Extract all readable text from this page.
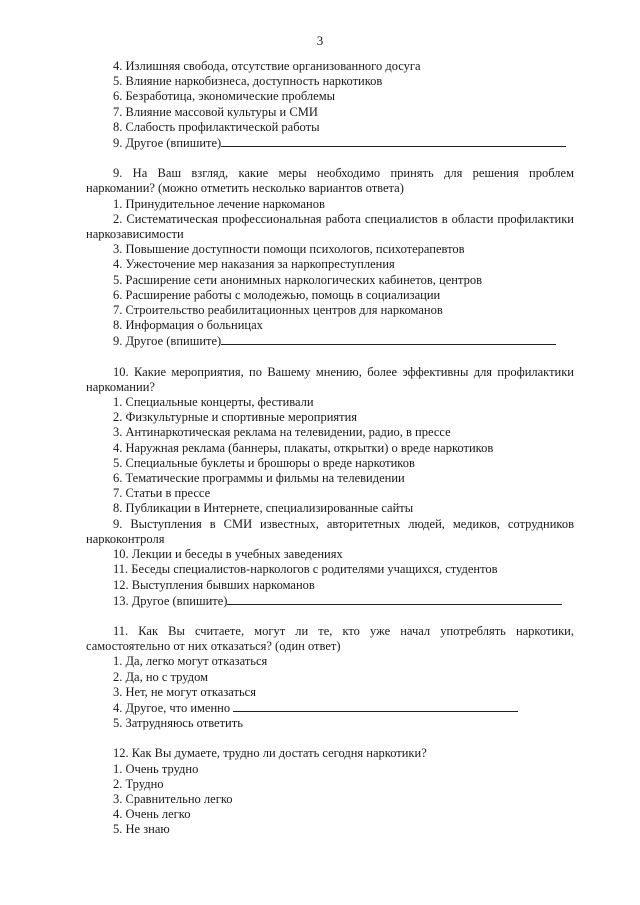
3
4. Излишняя свобода, отсутствие организованного досуга
5. Влияние наркобизнеса, доступность наркотиков
6. Безработица, экономические проблемы
7. Влияние массовой культуры и СМИ
8. Слабость профилактической работы
9. Другое (впишите)
9. На Ваш взгляд, какие меры необходимо принять для решения проблем наркомании? (можно отметить несколько вариантов ответа)
1. Принудительное лечение наркоманов
2. Систематическая профессиональная работа специалистов в области профилактики наркозависимости
3. Повышение доступности помощи психологов, психотерапевтов
4. Ужесточение мер наказания за наркопреступления
5. Расширение сети анонимных наркологических кабинетов, центров
6. Расширение работы с молодежью, помощь в социализации
7. Строительство реабилитационных центров для наркоманов
8. Информация о больницах
9. Другое (впишите)
10. Какие мероприятия, по Вашему мнению, более эффективны для профилактики наркомании?
1. Специальные концерты, фестивали
2. Физкультурные и спортивные мероприятия
3. Антинаркотическая реклама на телевидении, радио, в прессе
4. Наружная реклама (баннеры, плакаты, открытки) о вреде наркотиков
5. Специальные буклеты и брошюры о вреде наркотиков
6. Тематические программы и фильмы на телевидении
7. Статьи в прессе
8. Публикации в Интернете, специализированные сайты
9. Выступления в СМИ известных, авторитетных людей, медиков, сотрудников наркоконтроля
10. Лекции и беседы в учебных заведениях
11. Беседы специалистов-наркологов с родителями учащихся, студентов
12. Выступления бывших наркоманов
13. Другое (впишите)
11. Как Вы считаете, могут ли те, кто уже начал употреблять наркотики, самостоятельно от них отказаться? (один ответ)
1. Да, легко могут отказаться
2. Да, но с трудом
3. Нет, не могут отказаться
4. Другое, что именно
5. Затрудняюсь ответить
12. Как Вы думаете, трудно ли достать сегодня наркотики?
1. Очень трудно
2. Трудно
3. Сравнительно легко
4. Очень легко
5. Не знаю
